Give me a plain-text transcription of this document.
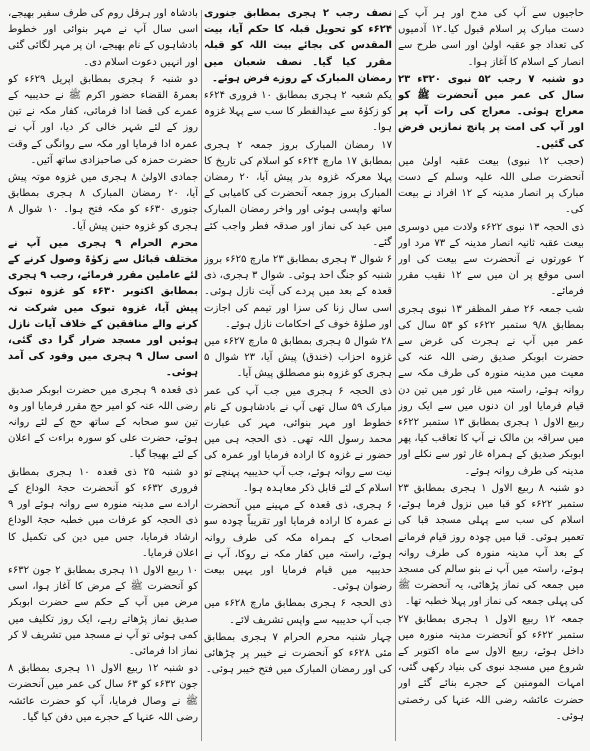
حاجیوں سے آپ کی مدح اور ہر آپ کے دست مبارک پر اسلام قبول کیا۔۱۲ آدمیوں کی تعداد جو عقبہ اولیٰ اور اسی طرح سے انصار کے اسلام کا آغاز ہوا۔

دو شنبہ ۷ رجب ۵۲ نبوی ۳۲۰ء ۲۳ سال کی عمر میں آنحضرت ﷺ کو معراج ہوئی۔ معراج کی رات آپ پر اور آپ کی امت پر پانچ نمازیں فرض کی گئیں۔

(حجب ۱۲ نبوی) بیعت عقبہ اولیٰ میں آنحضرت صلی اللہ علیہ وسلم کے دست مبارک پر انصار مدینہ کے ۱۲ افراد نے بیعت کی۔

ذی الحجہ ۱۳ نبوی ۶۲۲ء ولادت میں دوسری بیعت عقبہ ثانیہ انصار مدینہ کے ۷۳ مرد اور ۲ عورتوں نے آنحضرت سے بیعت کی اور اسی موقع پر ان میں سے ۱۲ نقیب مقرر فرمائے۔

شب جمعہ ۲۶ صفر المظفر ۱۳ نبوی ہجری بمطابق ۹/۸ ستمبر ۶۲۲ء کو ۵۳ سال کی عمر میں آپ نے ہجرت کی غرض سے حضرت ابوبکر صدیق رضی اللہ عنہ کی معیت میں مدینہ منورہ کی طرف مکہ سے روانہ ہوئے، راستہ میں غار ثور میں تین دن قیام فرمایا اور ان دنوں میں سے ایک روز ربیع الاول ۱ ہجری بمطابق ۱۳ ستمبر ۶۲۲ء میں سراقہ بن مالک نے آپ کا تعاقب کیا، پھر ابوبکر صدیق کے ہمراہ غار ثور سے نکلے اور مدینہ کی طرف روانہ ہوئے۔

دو شنبہ ۸ ربیع الاول ۱ ہجری بمطابق ۲۳ ستمبر ۶۲۲ء کو قبا میں نزول فرما ہوئے، اسلام کی سب سے پہلی مسجد قبا کی تعمیر ہوئی۔ قبا میں چودہ روز قیام فرمانے کے بعد آپ مدینہ منورہ کی طرف روانہ ہوئے، راستہ میں آپ نے بنو سالم کی مسجد میں جمعہ کی نماز پڑھائی، یہ آنحضرت ﷺ کی پہلی جمعہ کی نماز اور پہلا خطبہ تھا۔

جمعہ ۱۲ ربیع الاول ۱ ہجری بمطابق ۲۷ ستمبر ۶۲۲ء کو آنحضرت مدینہ منورہ میں داخل ہوئے، ربیع الاول سے ماہ اکتوبر کے شروع میں مسجد نبوی کی بنیاد رکھی گئی، امہات المومنین کے حجرے بنائے گئے اور حضرت عائشہ رضی اللہ عنہا کی رخصتی ہوئی۔

نصف رجب ۲ ہجری بمطابق جنوری ۶۲۴ء کو تحویل قبلہ کا حکم آیا، بیت المقدس کی بجائے بیت اللہ کو قبلہ مقرر کیا گیا۔ نصف شعبان میں رمضان المبارک کے روزے فرض ہوئے۔

یکم شعبہ ۲ ہجری بمطابق ۱۰ فروری ۶۲۴ء کو زکوٰۃ سے عیدالفطر کا سب سے پہلا غزوہ ہوا۔

۱۷ رمضان المبارک بروز جمعہ ۲ ہجری بمطابق ۱۷ مارچ ۶۲۴ء کو اسلام کی تاریخ کا پہلا معرکہ غزوہ بدر پیش آیا، ۲۰ رمضان المبارک بروز جمعہ آنحضرت کی کامیابی کے ساتھ واپسی ہوئی اور واخر رمضان المبارک میں عید کی نماز اور صدقہ فطر واجب کئے گئے۔

۶ شوال ۳ ہجری بمطابق ۲۳ مارچ ۶۲۵ء بروز شنبہ کو جنگ احد ہوئی۔ شوال ۳ ہجری، ذی قعدہ کے بعد میں پردے کی آیت نازل ہوئی۔ اسی سال زنا کی سزا اور تیمم کی اجازت اور صلوٰۃ خوف کے احکامات نازل ہوئے۔

۲۸ شوال ۵ ہجری بمطابق ۵ مارچ ۶۲۷ء میں غزوہ احزاب (خندق) پیش آیا، ۲۳ شوال ۵ ہجری کو غزوہ بنو مصطلق پیش آیا۔

ذی الحجہ ۶ ہجری میں جب آپ کی عمر مبارک ۵۹ سال تھی آپ نے بادشاہوں کے نام خطوط اور مہر بنوائی، مہر کی عبارت محمد رسول اللہ تھی۔ ذی الحجہ ہی میں حضور نے غزوہ کا ارادہ فرمایا اور عمرہ کی نیت سے روانہ ہوئے، جب آپ حدیبیہ پہنچے تو اسلام کے لئے قابل ذکر معاہدہ ہوا۔

۶ ہجری، ذی قعدہ کے مہینے میں آنحضرت نے عمرہ کا ارادہ فرمایا اور تقریباً چودہ سو اصحاب کے ہمراہ مکہ کی طرف روانہ ہوئے، راستہ میں کفار مکہ نے روکا، آپ نے حدیبیہ میں قیام فرمایا اور یہیں بیعت رضوان ہوئی۔

ذی الحجہ ۶ ہجری بمطابق مارچ ۶۲۸ء میں جب آپ حدیبیہ سے واپس تشریف لائے۔

چہار شنبہ محرم الحرام ۷ ہجری بمطابق مئی ۶۲۸ء کو آنحضرت نے خیبر پر چڑھائی کی اور رمضان المبارک میں فتح خیبر ہوئی۔

بادشاہ اور ہرقل روم کی طرف سفیر بھیجے، اسی سال آپ نے مہر بنوائی اور خطوط بادشاہوں کے نام بھیجے، ان پر مہر لگائی گئی اور انہیں دعوت اسلام دی۔

دو شنبہ ۶ ہجری بمطابق اپریل ۶۲۹ء کو بعمرۃ القضاء حضور اکرم ﷺ نے حدیبیہ کے عمرے کی قضا ادا فرمائی، کفار مکہ نے تین روز کے لئے شہر خالی کر دیا، اور آپ نے عمرہ ادا فرمایا اور مکہ سے روانگی کے وقت حضرت حمزہ کی صاحبزادی ساتھ آئیں۔

جمادی الاولیٰ ۸ ہجری میں غزوہ موتہ پیش آیا، ۲۰ رمضان المبارک ۸ ہجری بمطابق جنوری ۶۳۰ء کو مکہ فتح ہوا۔ ۱۰ شوال ۸ ہجری کو غزوہ حنین پیش آیا۔

محرم الحرام ۹ ہجری میں آپ نے مختلف قبائل سے زکوٰۃ وصول کرنے کے لئے عاملین مقرر فرمائے، رجب ۹ ہجری بمطابق اکتوبر ۶۳۰ء کو غزوہ تبوک پیش آیا، غزوہ تبوک میں شرکت نہ کرنے والے منافقین کے خلاف آیات نازل ہوئیں اور مسجد ضرار گرا دی گئی، اسی سال ۹ ہجری میں وفود کی آمد ہوئی۔

ذی قعدہ ۹ ہجری میں حضرت ابوبکر صدیق رضی اللہ عنہ کو امیر حج مقرر فرمایا اور وہ تین سو صحابہ کے ساتھ حج کے لئے روانہ ہوئے، حضرت علی کو سورہ براءت کے اعلان کے لئے بھیجا گیا۔

دو شنبہ ۲۵ ذی قعدہ ۱۰ ہجری بمطابق فروری ۶۳۲ء کو آنحضرت حجۃ الوداع کے ارادے سے مدینہ منورہ سے روانہ ہوئے اور ۹ ذی الحجہ کو عرفات میں خطبہ حجۃ الوداع ارشاد فرمایا، جس میں دین کی تکمیل کا اعلان فرمایا۔

۱۰ ربیع الاول ۱۱ ہجری بمطابق ۲ جون ۶۳۲ء کو آنحضرت ﷺ کے مرض کا آغاز ہوا، اسی مرض میں آپ کے حکم سے حضرت ابوبکر صدیق نماز پڑھاتے رہے، ایک روز تکلیف میں کمی ہوئی تو آپ نے مسجد میں تشریف لا کر نماز ادا فرمائی۔

دو شنبہ ۱۲ ربیع الاول ۱۱ ہجری بمطابق ۸ جون ۶۳۲ء کو ۶۳ سال کی عمر میں آنحضرت ﷺ نے وصال فرمایا، آپ کو حضرت عائشہ رضی اللہ عنہا کے حجرے میں دفن کیا گیا۔
